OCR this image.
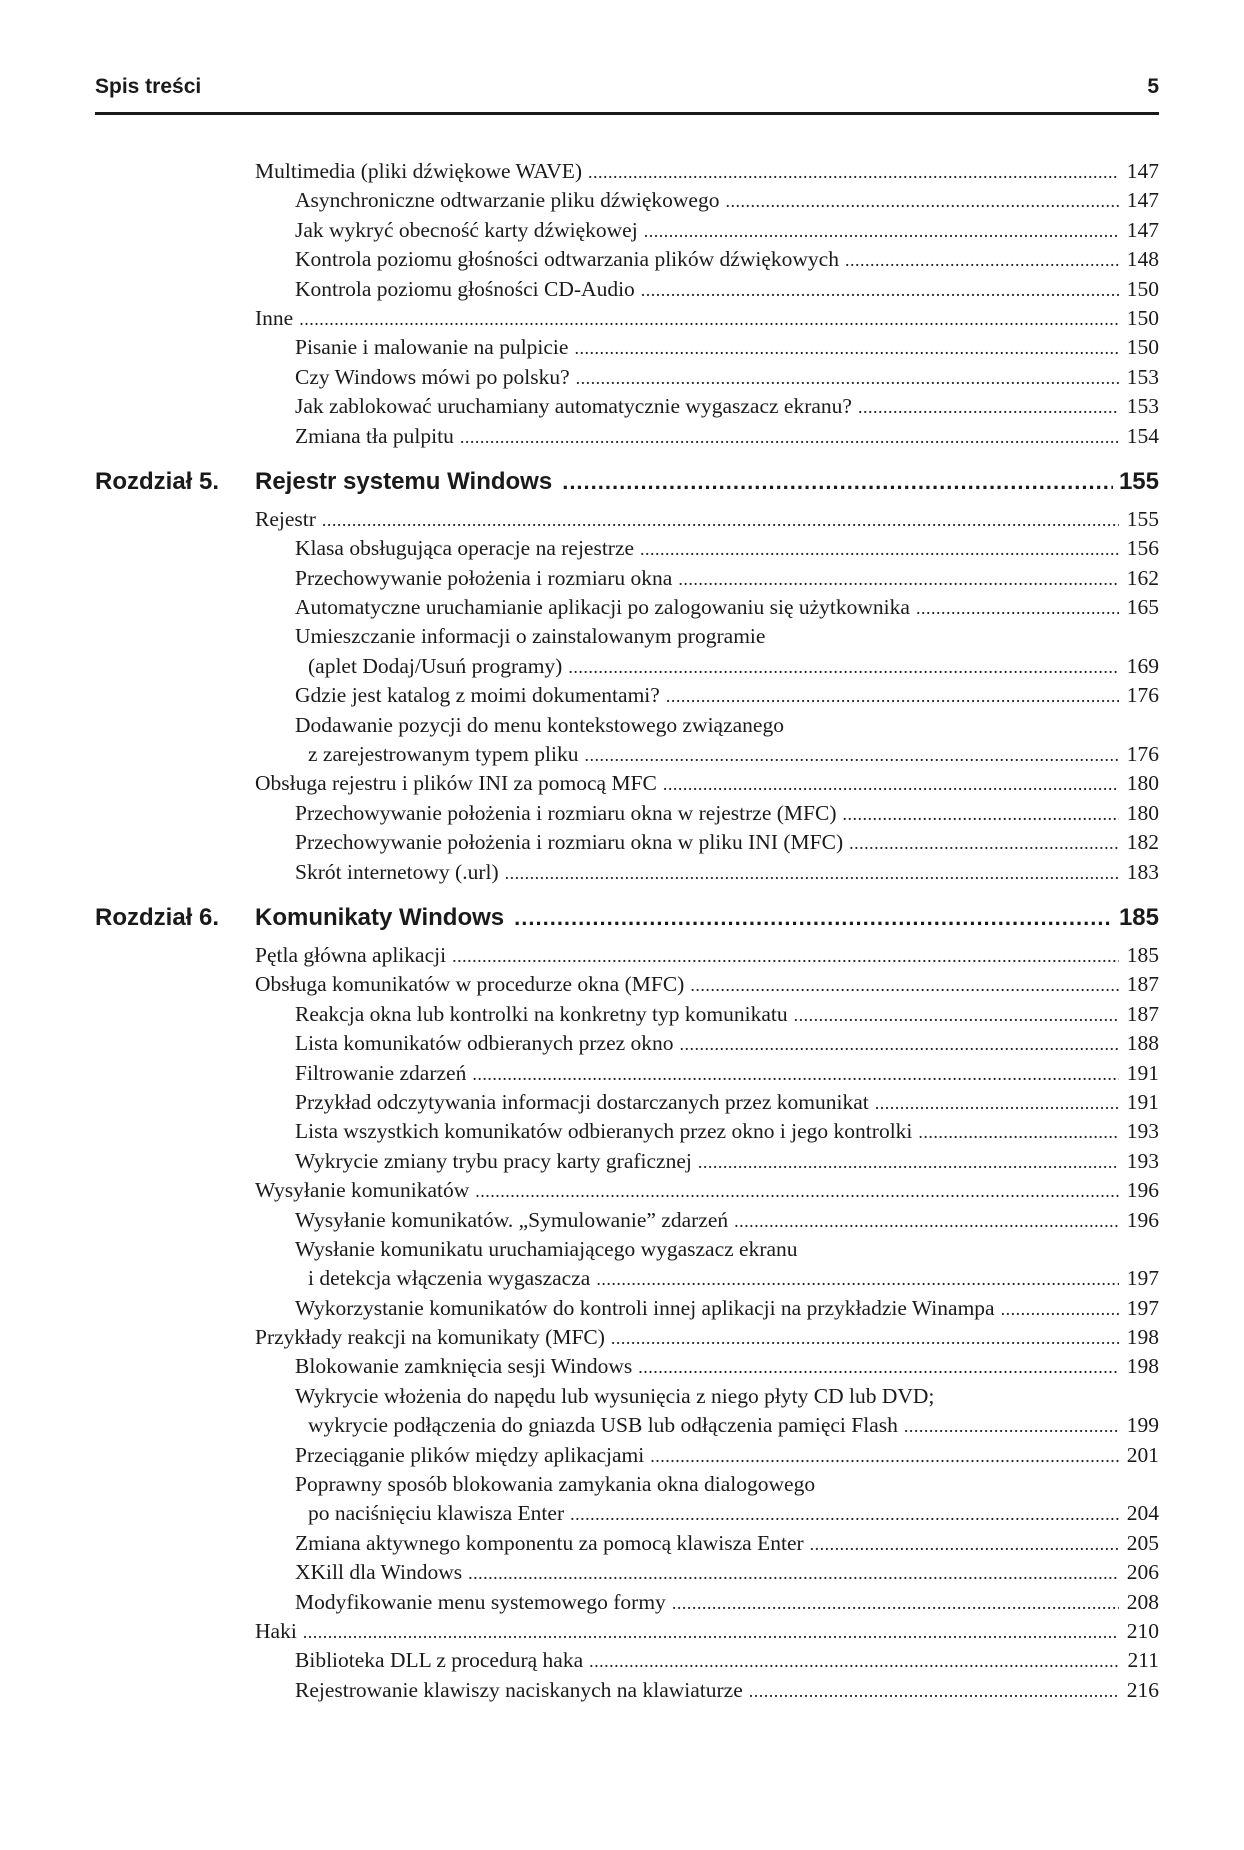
Spis treści	5
Multimedia (pliki dźwiękowe WAVE) .....	147
Asynchroniczne odtwarzanie pliku dźwiękowego .....	147
Jak wykryć obecność karty dźwiękowej .....	147
Kontrola poziomu głośności odtwarzania plików dźwiękowych .....	148
Kontrola poziomu głośności CD-Audio .....	150
Inne .....	150
Pisanie i malowanie na pulpicie .....	150
Czy Windows mówi po polsku? .....	153
Jak zablokować uruchamiany automatycznie wygaszacz ekranu? .....	153
Zmiana tła pulpitu .....	154
Rozdział 5. Rejestr systemu Windows .....	155
Rejestr .....	155
Klasa obsługująca operacje na rejestrze .....	156
Przechowywanie położenia i rozmiaru okna .....	162
Automatyczne uruchamianie aplikacji po zalogowaniu się użytkownika .....	165
Umieszczanie informacji o zainstalowanym programie
(aplet Dodaj/Usuń programy) .....	169
Gdzie jest katalog z moimi dokumentami? .....	176
Dodawanie pozycji do menu kontekstowego związanego
z zarejestrowanym typem pliku .....	176
Obsługa rejestru i plików INI za pomocą MFC .....	180
Przechowywanie położenia i rozmiaru okna w rejestrze (MFC) .....	180
Przechowywanie położenia i rozmiaru okna w pliku INI (MFC) .....	182
Skrót internetowy (.url) .....	183
Rozdział 6. Komunikaty Windows .....	185
Pętla główna aplikacji .....	185
Obsługa komunikatów w procedurze okna (MFC) .....	187
Reakcja okna lub kontrolki na konkretny typ komunikatu .....	187
Lista komunikatów odbieranych przez okno .....	188
Filtrowanie zdarzeń .....	191
Przykład odczytywania informacji dostarczanych przez komunikat .....	191
Lista wszystkich komunikatów odbieranych przez okno i jego kontrolki .....	193
Wykrycie zmiany trybu pracy karty graficznej .....	193
Wysyłanie komunikatów .....	196
Wysyłanie komunikatów. „Symulowanie” zdarzeń .....	196
Wysłanie komunikatu uruchamiającego wygaszacz ekranu
i detekcja włączenia wygaszacza .....	197
Wykorzystanie komunikatów do kontroli innej aplikacji na przykładzie Winampa .....	197
Przykłady reakcji na komunikaty (MFC) .....	198
Blokowanie zamknięcia sesji Windows .....	198
Wykrycie włożenia do napędu lub wysunięcia z niego płyty CD lub DVD;
wykrycie podłączenia do gniazda USB lub odłączenia pamięci Flash .....	199
Przeciąganie plików między aplikacjami .....	201
Poprawny sposób blokowania zamykania okna dialogowego
po naciśnięciu klawisza Enter .....	204
Zmiana aktywnego komponentu za pomocą klawisza Enter .....	205
XKill dla Windows .....	206
Modyfikowanie menu systemowego formy .....	208
Haki .....	210
Biblioteka DLL z procedurą haka .....	211
Rejestrowanie klawiszy naciskanych na klawiaturze .....	216
